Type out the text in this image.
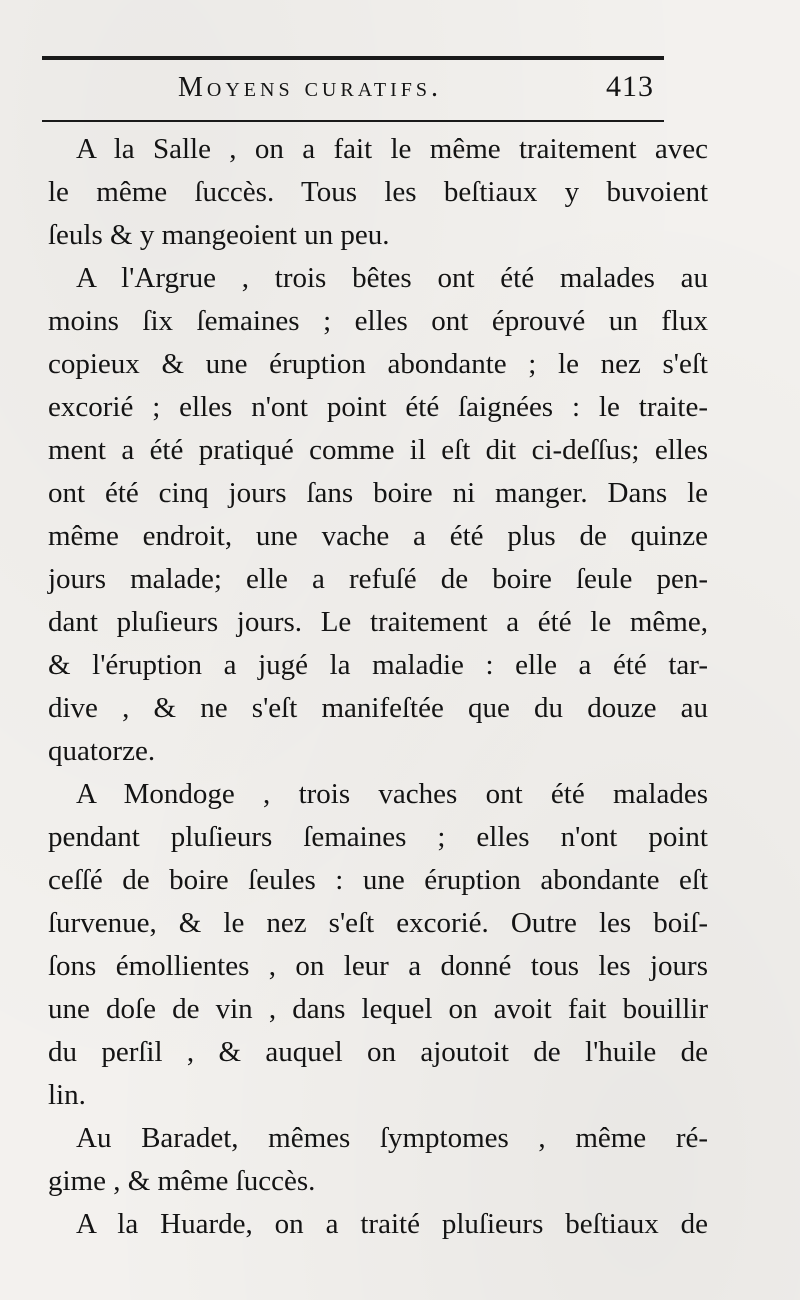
Moyens curatifs.	413
A la Salle , on a fait le même traitement avec
le même ſuccès. Tous les beſtiaux y buvoient
ſeuls & y mangeoient un peu.
A l'Argrue , trois bêtes ont été malades au
moins ſix ſemaines ; elles ont éprouvé un flux
copieux & une éruption abondante ; le nez s'eſt
excorié ; elles n'ont point été ſaignées : le traite-
ment a été pratiqué comme il eſt dit ci-deſſus; elles
ont été cinq jours ſans boire ni manger. Dans le
même endroit, une vache a été plus de quinze
jours malade; elle a refuſé de boire ſeule pen-
dant pluſieurs jours. Le traitement a été le même,
& l'éruption a jugé la maladie : elle a été tar-
dive , & ne s'eſt manifeſtée que du douze au
quatorze.
A Mondoge , trois vaches ont été malades
pendant pluſieurs ſemaines ; elles n'ont point
ceſſé de boire ſeules : une éruption abondante eſt
ſurvenue, & le nez s'eſt excorié. Outre les boiſ-
ſons émollientes , on leur a donné tous les jours
une doſe de vin , dans lequel on avoit fait bouillir
du perſil , & auquel on ajoutoit de l'huile de
lin.
Au Baradet, mêmes ſymptomes , même ré-
gime , & même ſuccès.
A la Huarde, on a traité pluſieurs beſtiaux de
